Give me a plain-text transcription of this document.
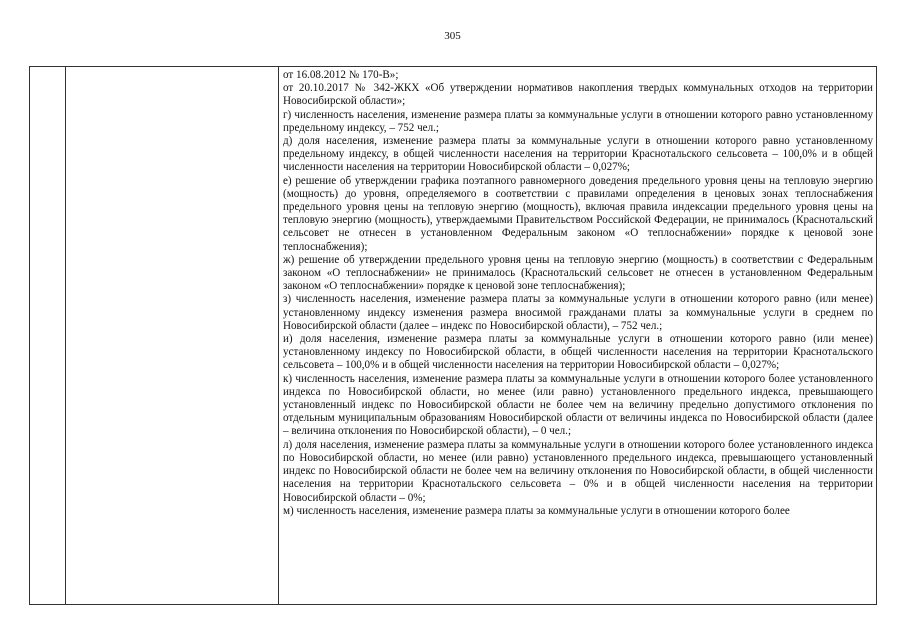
305

от 16.08.2012 № 170-В»;

от 20.10.2017 № 342-ЖКХ «Об утверждении нормативов накопления твердых коммунальных отходов на территории Новосибирской области»;

г) численность населения, изменение размера платы за коммунальные услуги в отношении которого равно установленному предельному индексу, – 752 чел.;

д) доля населения, изменение размера платы за коммунальные услуги в отношении которого равно установленному предельному индексу, в общей численности населения на территории Краснотальского сельсовета – 100,0% и в общей численности населения на территории Новосибирской области – 0,027%;

е) решение об утверждении графика поэтапного равномерного доведения предельного уровня цены на тепловую энергию (мощность) до уровня, определяемого в соответствии с правилами определения в ценовых зонах теплоснабжения предельного уровня цены на тепловую энергию (мощность), включая правила индексации предельного уровня цены на тепловую энергию (мощность), утверждаемыми Правительством Российской Федерации, не принималось (Краснотальский сельсовет не отнесен в установленном Федеральным законом «О теплоснабжении» порядке к ценовой зоне теплоснабжения);

ж) решение об утверждении предельного уровня цены на тепловую энергию (мощность) в соответствии с Федеральным законом «О теплоснабжении» не принималось (Краснотальский сельсовет не отнесен в установленном Федеральным законом «О теплоснабжении» порядке к ценовой зоне теплоснабжения);

з) численность населения, изменение размера платы за коммунальные услуги в отношении которого равно (или менее) установленному индексу изменения размера вносимой гражданами платы за коммунальные услуги в среднем по Новосибирской области (далее – индекс по Новосибирской области), – 752 чел.;

и) доля населения, изменение размера платы за коммунальные услуги в отношении которого равно (или менее) установленному индексу по Новосибирской области, в общей численности населения на территории Краснотальского сельсовета – 100,0% и в общей численности населения на территории Новосибирской области – 0,027%;

к) численность населения, изменение размера платы за коммунальные услуги в отношении которого более установленного индекса по Новосибирской области, но менее (или равно) установленного предельного индекса, превышающего установленный индекс по Новосибирской области не более чем на величину предельно допустимого отклонения по отдельным муниципальным образованиям Новосибирской области от величины индекса по Новосибирской области (далее – величина отклонения по Новосибирской области), – 0 чел.;

л) доля населения, изменение размера платы за коммунальные услуги в отношении которого более установленного индекса по Новосибирской области, но менее (или равно) установленного предельного индекса, превышающего установленный индекс по Новосибирской области не более чем на величину отклонения по Новосибирской области, в общей численности населения на территории Краснотальского сельсовета – 0% и в общей численности населения на территории Новосибирской области – 0%;

м) численность населения, изменение размера платы за коммунальные услуги в отношении которого более
